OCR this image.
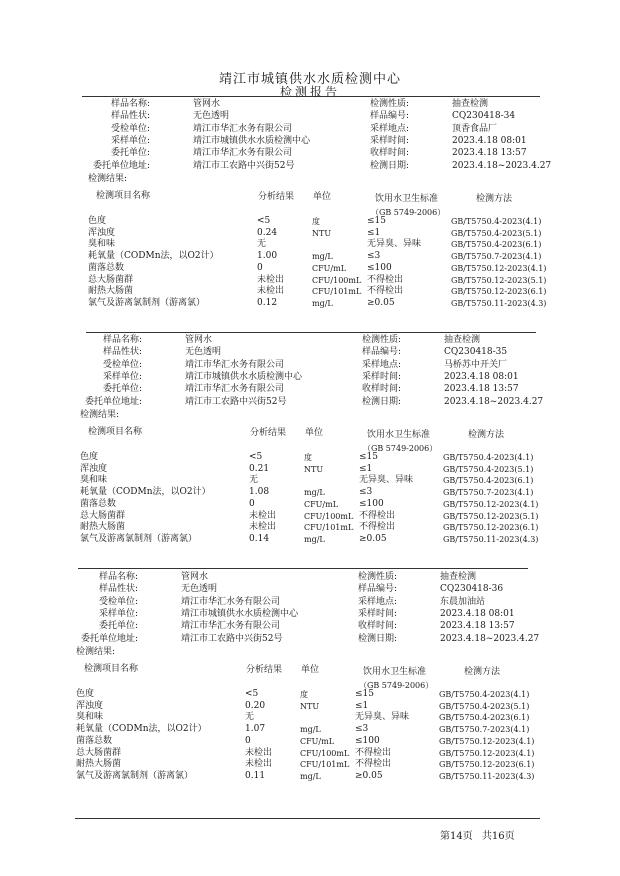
靖江市城镇供水水质检测中心
检测报告
样品名称:	管网水
样品性状:	无色透明
受检单位:	靖江市华汇水务有限公司
采样单位:	靖江市城镇供水水质检测中心
委托单位:	靖江市华汇水务有限公司
委托单位地址:	靖江市工农路中兴街52号
检测性质:	抽查检测
样品编号:	CQ230418-34
采样地点:	顶香食品厂
采样时间:	2023.4.18 08:01
收样时间:	2023.4.18 13:57
检测日期:	2023.4.18~2023.4.27
检测结果:
检测项目名称	分析结果 单位	饮用水卫生标准
（GB 5749-2006）
检测方法
色度	<5	度	≤15	GB/T5750.4-2023(4.1)
浑浊度	0.24	NTU	≤1	GB/T5750.4-2023(5.1)
臭和味	无	无异臭、异味	GB/T5750.4-2023(6.1)
耗氧量（CODMn法，以O2计）	1.00	mg/L	≤3	GB/T5750.7-2023(4.1)
菌落总数	0	CFU/mL ≤100	GB/T5750.12-2023(4.1)
总大肠菌群	未检出	CFU/100mL 不得检出	GB/T5750.12-2023(5.1)
耐热大肠菌	未检出	CFU/101mL 不得检出	GB/T5750.12-2023(6.1)
氯气及游离氯制剂（游离氯）	0.12	mg/L	≥0.05	GB/T5750.11-2023(4.3)
样品名称:	管网水
样品性状:	无色透明
受检单位:	靖江市华汇水务有限公司
采样单位:	靖江市城镇供水水质检测中心
委托单位:	靖江市华汇水务有限公司
委托单位地址:	靖江市工农路中兴街52号
检测性质:	抽查检测
样品编号:	CQ230418-35
采样地点:	马桥苏中开关厂
采样时间:	2023.4.18 08:01
收样时间:	2023.4.18 13:57
检测日期:	2023.4.18~2023.4.27
检测结果:
检测项目名称	分析结果 单位	饮用水卫生标准
（GB 5749-2006）
检测方法
色度	<5	度	≤15	GB/T5750.4-2023(4.1)
浑浊度	0.21	NTU	≤1	GB/T5750.4-2023(5.1)
臭和味	无	无异臭、异味	GB/T5750.4-2023(6.1)
耗氧量（CODMn法，以O2计）	1.08	mg/L	≤3	GB/T5750.7-2023(4.1)
菌落总数	0	CFU/mL ≤100	GB/T5750.12-2023(4.1)
总大肠菌群	未检出	CFU/100mL 不得检出	GB/T5750.12-2023(5.1)
耐热大肠菌	未检出	CFU/101mL 不得检出	GB/T5750.12-2023(6.1)
氯气及游离氯制剂（游离氯）	0.14	mg/L	≥0.05	GB/T5750.11-2023(4.3)
样品名称:	管网水
样品性状:	无色透明
受检单位:	靖江市华汇水务有限公司
采样单位:	靖江市城镇供水水质检测中心
委托单位:	靖江市华汇水务有限公司
委托单位地址:	靖江市工农路中兴街52号
检测性质:	抽查检测
样品编号:	CQ230418-36
采样地点:	东晨加油站
采样时间:	2023.4.18 08:01
收样时间:	2023.4.18 13:57
检测日期:	2023.4.18~2023.4.27
检测结果:
检测项目名称	分析结果 单位	饮用水卫生标准
（GB 5749-2006）
检测方法
色度	<5	度	≤15	GB/T5750.4-2023(4.1)
浑浊度	0.20	NTU	≤1	GB/T5750.4-2023(5.1)
臭和味	无	无异臭、异味	GB/T5750.4-2023(6.1)
耗氧量（CODMn法，以O2计）	1.07	mg/L	≤3	GB/T5750.7-2023(4.1)
菌落总数	0	CFU/mL ≤100	GB/T5750.12-2023(4.1)
总大肠菌群	未检出	CFU/100mL 不得检出	GB/T5750.12-2023(4.1)
耐热大肠菌	未检出	CFU/101mL 不得检出	GB/T5750.12-2023(6.1)
氯气及游离氯制剂（游离氯）	0.11	mg/L	≥0.05	GB/T5750.11-2023(4.3)
第14页 共16页
